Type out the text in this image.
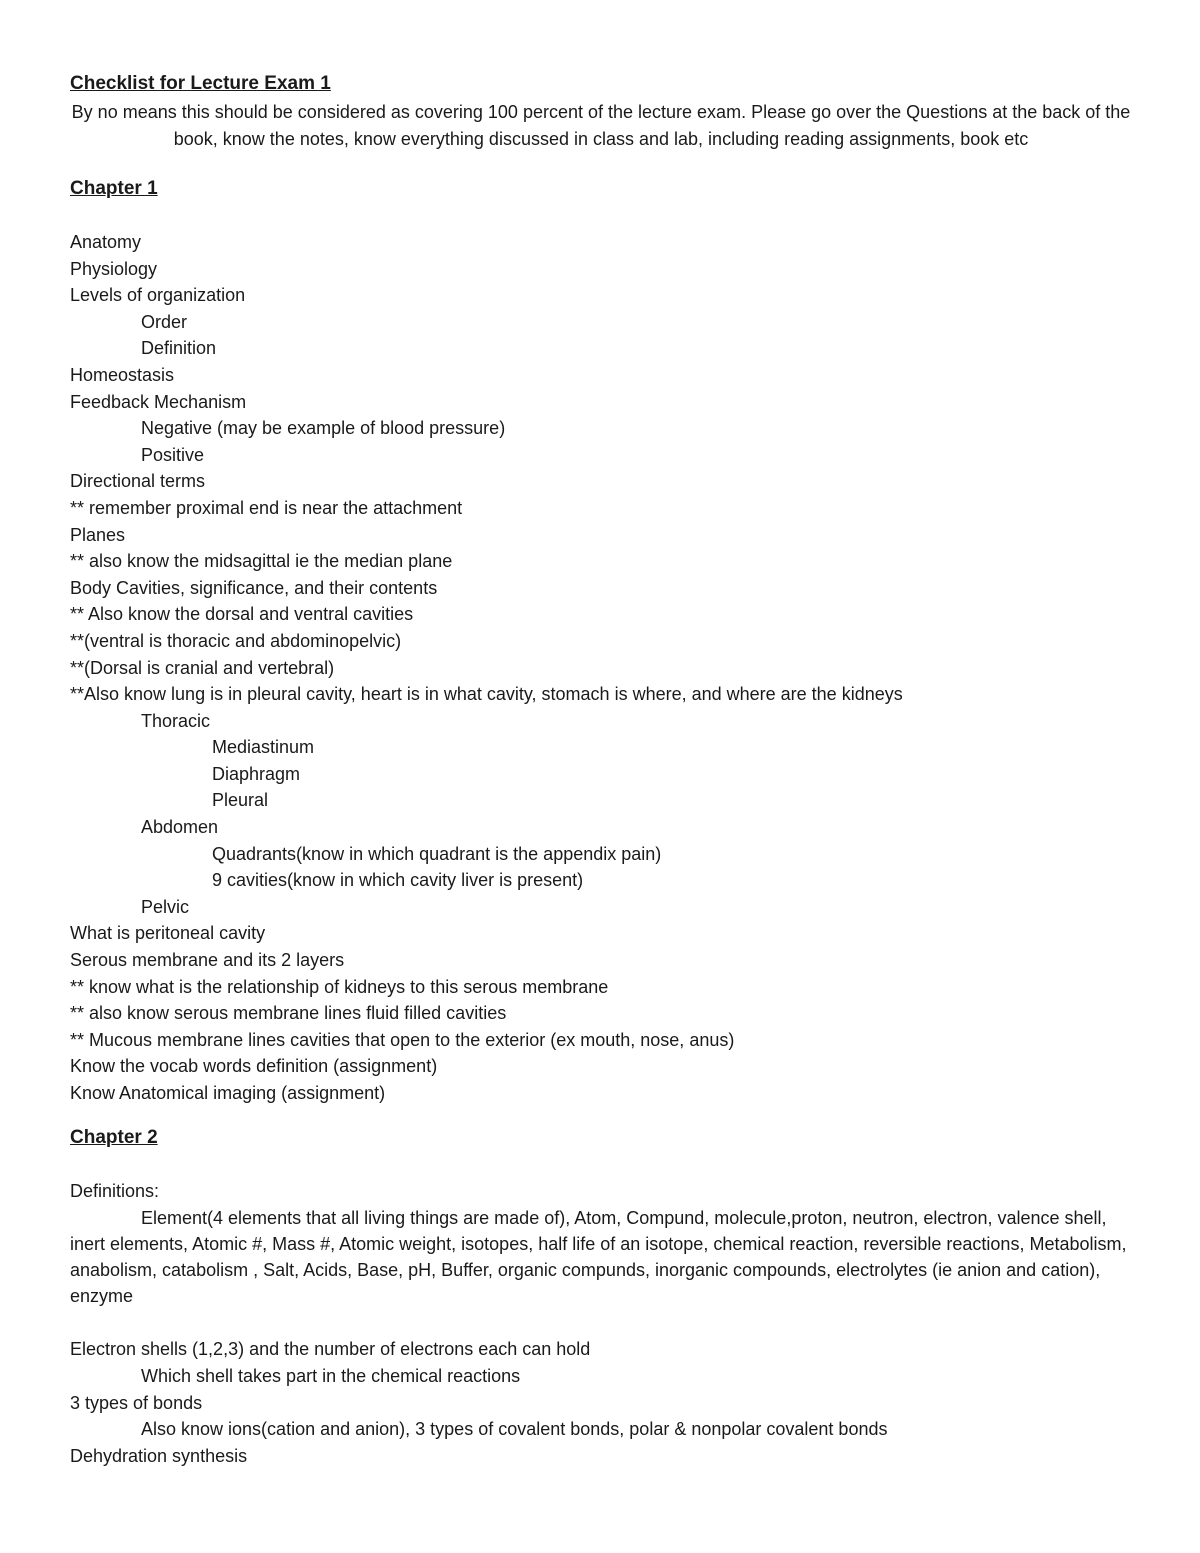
Checklist for Lecture Exam 1
By no means this should be considered as covering 100 percent of the lecture exam. Please go over the Questions at the back of the book, know the notes, know everything discussed in class and lab, including reading assignments, book etc
Chapter 1
Anatomy
Physiology
Levels of organization
Order
Definition
Homeostasis
Feedback Mechanism
Negative (may be example of blood pressure)
Positive
Directional terms
** remember proximal end is near the attachment
Planes
** also know the midsagittal ie the median plane
Body Cavities, significance, and their contents
** Also know the dorsal and ventral cavities
**(ventral is thoracic and abdominopelvic)
**(Dorsal is cranial and vertebral)
**Also know lung is in pleural cavity, heart is in what cavity, stomach is where, and where are the kidneys
Thoracic
Mediastinum
Diaphragm
Pleural
Abdomen
Quadrants(know in which quadrant is the appendix pain)
9 cavities(know in which cavity liver is present)
Pelvic
What is peritoneal cavity
Serous membrane and its 2 layers
** know what is the relationship of kidneys to this serous membrane
** also know serous membrane lines fluid filled cavities
** Mucous membrane lines cavities that open to the exterior (ex mouth, nose, anus)
Know the vocab words definition (assignment)
Know Anatomical imaging (assignment)
Chapter 2
Definitions:
Element(4 elements that all living things are made of), Atom, Compund, molecule,proton, neutron, electron, valence shell, inert elements, Atomic #, Mass #, Atomic weight, isotopes, half life of an isotope, chemical reaction, reversible reactions, Metabolism, anabolism, catabolism , Salt, Acids, Base, pH, Buffer, organic compunds, inorganic compounds, electrolytes (ie anion and cation), enzyme
Electron shells (1,2,3) and the number of electrons each can hold
Which shell takes part in the chemical reactions
3 types of bonds
Also know ions(cation and anion), 3 types of covalent bonds, polar & nonpolar covalent bonds
Dehydration synthesis
